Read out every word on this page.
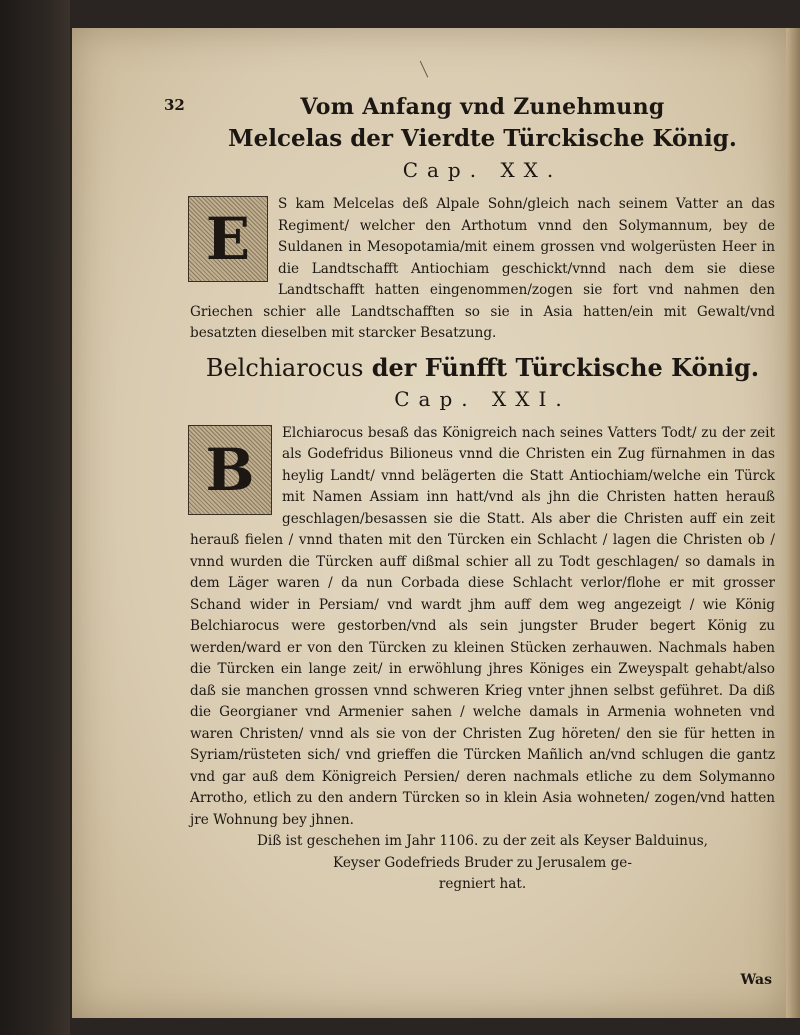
32	Vom Anfang vnd Zunehmung
Melcelas der Vierdte Türckische König.
Cap. XX.
E

S kam Melcelas deß Alpale Sohn/gleich nach seinem Vatter an das Regiment/ welcher den Arthotum vnnd den Solymannum, bey de Suldanen in Mesopotamia/mit einem grossen vnd wolgerüsten Heer in die Landtschafft Antiochiam geschickt/vnnd nach dem sie diese Landtschafft hatten eingenommen/zogen sie fort vnd nahmen den Griechen schier alle Landtschafften so sie in Asia hatten/ein mit Gewalt/vnd besatzten dieselben mit starcker Besatzung.

Belchiarocus der Fünfft Türckische König.
Cap. XXI.
B

Elchiarocus besaß das Königreich nach seines Vatters Todt/ zu der zeit als Godefridus Bilioneus vnnd die Christen ein Zug fürnahmen in das heylig Landt/ vnnd belägerten die Statt Antiochiam/welche ein Türck mit Namen Assiam inn hatt/vnd als jhn die Christen hatten herauß geschlagen/besassen sie die Statt. Als aber die Christen auff ein zeit herauß fielen / vnnd thaten mit den Türcken ein Schlacht / lagen die Christen ob / vnnd wurden die Türcken auff dißmal schier all zu Todt geschlagen/ so damals in dem Läger waren / da nun Corbada diese Schlacht verlor/flohe er mit grosser Schand wider in Persiam/ vnd wardt jhm auff dem weg angezeigt / wie König Belchiarocus were gestorben/vnd als sein jungster Bruder begert König zu werden/ward er von den Türcken zu kleinen Stücken zerhauwen. Nachmals haben die Türcken ein lange zeit/ in erwöhlung jhres Königes ein Zweyspalt gehabt/also daß sie manchen grossen vnnd schweren Krieg vnter jhnen selbst geführet. Da diß die Georgianer vnd Armenier sahen / welche damals in Armenia wohneten vnd waren Christen/ vnnd als sie von der Christen Zug höreten/ den sie für hetten in Syriam/rüsteten sich/ vnd grieffen die Türcken Mañlich an/vnd schlugen die gantz vnd gar auß dem Königreich Persien/ deren nachmals etliche zu dem Solymanno Arrotho, etlich zu den andern Türcken so in klein Asia wohneten/ zogen/vnd hatten jre Wohnung bey jhnen.

Diß ist geschehen im Jahr 1106. zu der zeit als Keyser Balduinus,
Keyser Godefrieds Bruder zu Jerusalem ge-
regniert hat.
Was
